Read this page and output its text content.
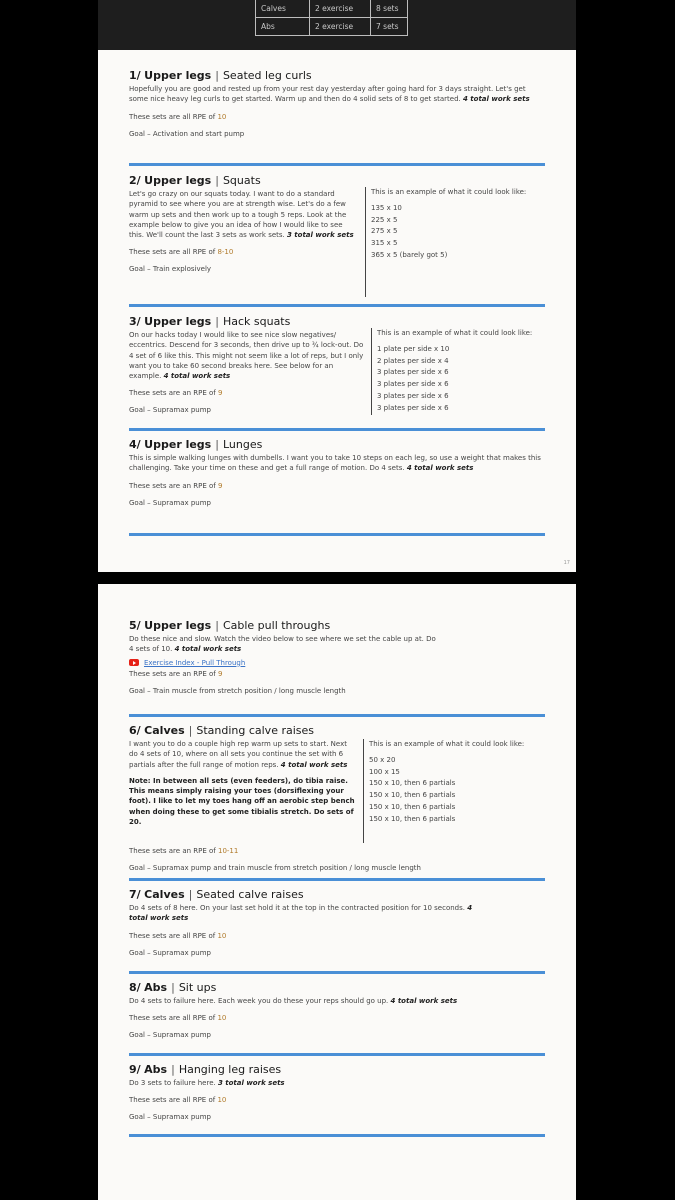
Calves	2 exercise	8 sets
Abs	2 exercise	7 sets
1/ Upper legs | Seated leg curls
Hopefully you are good and rested up from your rest day yesterday after going hard for 3 days straight. Let's get some nice heavy leg curls to get started. Warm up and then do 4 solid sets of 8 to get started. 4 total work sets
These sets are all RPE of 10
Goal – Activation and start pump
2/ Upper legs | Squats
Let's go crazy on our squats today. I want to do a standard pyramid to see where you are at strength wise. Let's do a few warm up sets and then work up to a tough 5 reps. Look at the example below to give you an idea of how I would like to see this. We'll count the last 3 sets as work sets. 3 total work sets
These sets are all RPE of 8-10
Goal – Train explosively
This is an example of what it could look like:
135 x 10
225 x 5
275 x 5
315 x 5
365 x 5 (barely got 5)
3/ Upper legs | Hack squats
On our hacks today I would like to see nice slow negatives/ eccentrics. Descend for 3 seconds, then drive up to ¾ lock-out. Do 4 set of 6 like this. This might not seem like a lot of reps, but I only want you to take 60 second breaks here. See below for an example. 4 total work sets
These sets are an RPE of 9
Goal – Supramax pump
This is an example of what it could look like:
1 plate per side x 10
2 plates per side x 4
3 plates per side x 6
3 plates per side x 6
3 plates per side x 6
3 plates per side x 6
4/ Upper legs | Lunges
This is simple walking lunges with dumbells. I want you to take 10 steps on each leg, so use a weight that makes this challenging. Take your time on these and get a full range of motion. Do 4 sets. 4 total work sets
These sets are an RPE of 9
Goal – Supramax pump
17
5/ Upper legs | Cable pull throughs
Do these nice and slow. Watch the video below to see where we set the cable up at. Do 4 sets of 10. 4 total work sets
Exercise Index - Pull Through
These sets are an RPE of 9
Goal – Train muscle from stretch position / long muscle length
6/ Calves | Standing calve raises
I want you to do a couple high rep warm up sets to start. Next do 4 sets of 10, where on all sets you continue the set with 6 partials after the full range of motion reps. 4 total work sets
Note: In between all sets (even feeders), do tibia raise. This means simply raising your toes (dorsiflexing your foot). I like to let my toes hang off an aerobic step bench when doing these to get some tibialis stretch. Do sets of 20.
This is an example of what it could look like:
50 x 20
100 x 15
150 x 10, then 6 partials
150 x 10, then 6 partials
150 x 10, then 6 partials
150 x 10, then 6 partials
These sets are an RPE of 10-11
Goal – Supramax pump and train muscle from stretch position / long muscle length
7/ Calves | Seated calve raises
Do 4 sets of 8 here. On your last set hold it at the top in the contracted position for 10 seconds. 4 total work sets
These sets are all RPE of 10
Goal – Supramax pump
8/ Abs | Sit ups
Do 4 sets to failure here. Each week you do these your reps should go up. 4 total work sets
These sets are all RPE of 10
Goal – Supramax pump
9/ Abs | Hanging leg raises
Do 3 sets to failure here. 3 total work sets
These sets are all RPE of 10
Goal – Supramax pump
